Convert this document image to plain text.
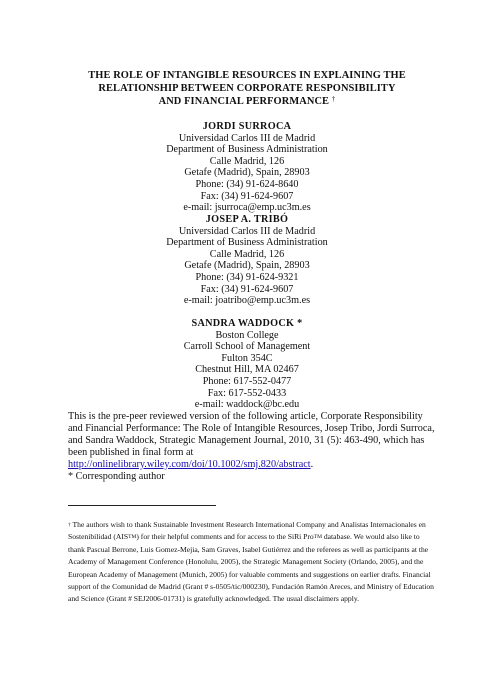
THE ROLE OF INTANGIBLE RESOURCES IN EXPLAINING THE
RELATIONSHIP BETWEEN CORPORATE RESPONSIBILITY
AND FINANCIAL PERFORMANCE †
JORDI SURROCA
Universidad Carlos III de Madrid
Department of Business Administration
Calle Madrid, 126
Getafe (Madrid), Spain, 28903
Phone: (34) 91-624-8640
Fax: (34) 91-624-9607
e-mail: jsurroca@emp.uc3m.es
JOSEP A. TRIBÓ
Universidad Carlos III de Madrid
Department of Business Administration
Calle Madrid, 126
Getafe (Madrid), Spain, 28903
Phone: (34) 91-624-9321
Fax: (34) 91-624-9607
e-mail: joatribo@emp.uc3m.es
SANDRA WADDOCK *
Boston College
Carroll School of Management
Fulton 354C
Chestnut Hill, MA 02467
Phone: 617-552-0477
Fax: 617-552-0433
e-mail: waddock@bc.edu
This is the pre-peer reviewed version of the following article, Corporate Responsibility and Financial Performance: The Role of Intangible Resources, Josep Tribo, Jordi Surroca, and Sandra Waddock, Strategic Management Journal, 2010, 31 (5): 463-490, which has been published in final form at http://onlinelibrary.wiley.com/doi/10.1002/smj.820/abstract.
* Corresponding author
† The authors wish to thank Sustainable Investment Research International Company and Analistas Internacionales en Sostenibilidad (AIS™) for their helpful comments and for access to the SiRi Pro™ database. We would also like to thank Pascual Berrone, Luis Gomez-Mejia, Sam Graves, Isabel Gutiérrez and the referees as well as participants at the Academy of Management Conference (Honolulu, 2005), the Strategic Management Society (Orlando, 2005), and the European Academy of Management (Munich, 2005) for valuable comments and suggestions on earlier drafts. Financial support of the Comunidad de Madrid (Grant # s-0505/tic/000230), Fundación Ramón Areces, and Ministry of Education and Science (Grant # SEJ2006-01731) is gratefully acknowledged. The usual disclaimers apply.
